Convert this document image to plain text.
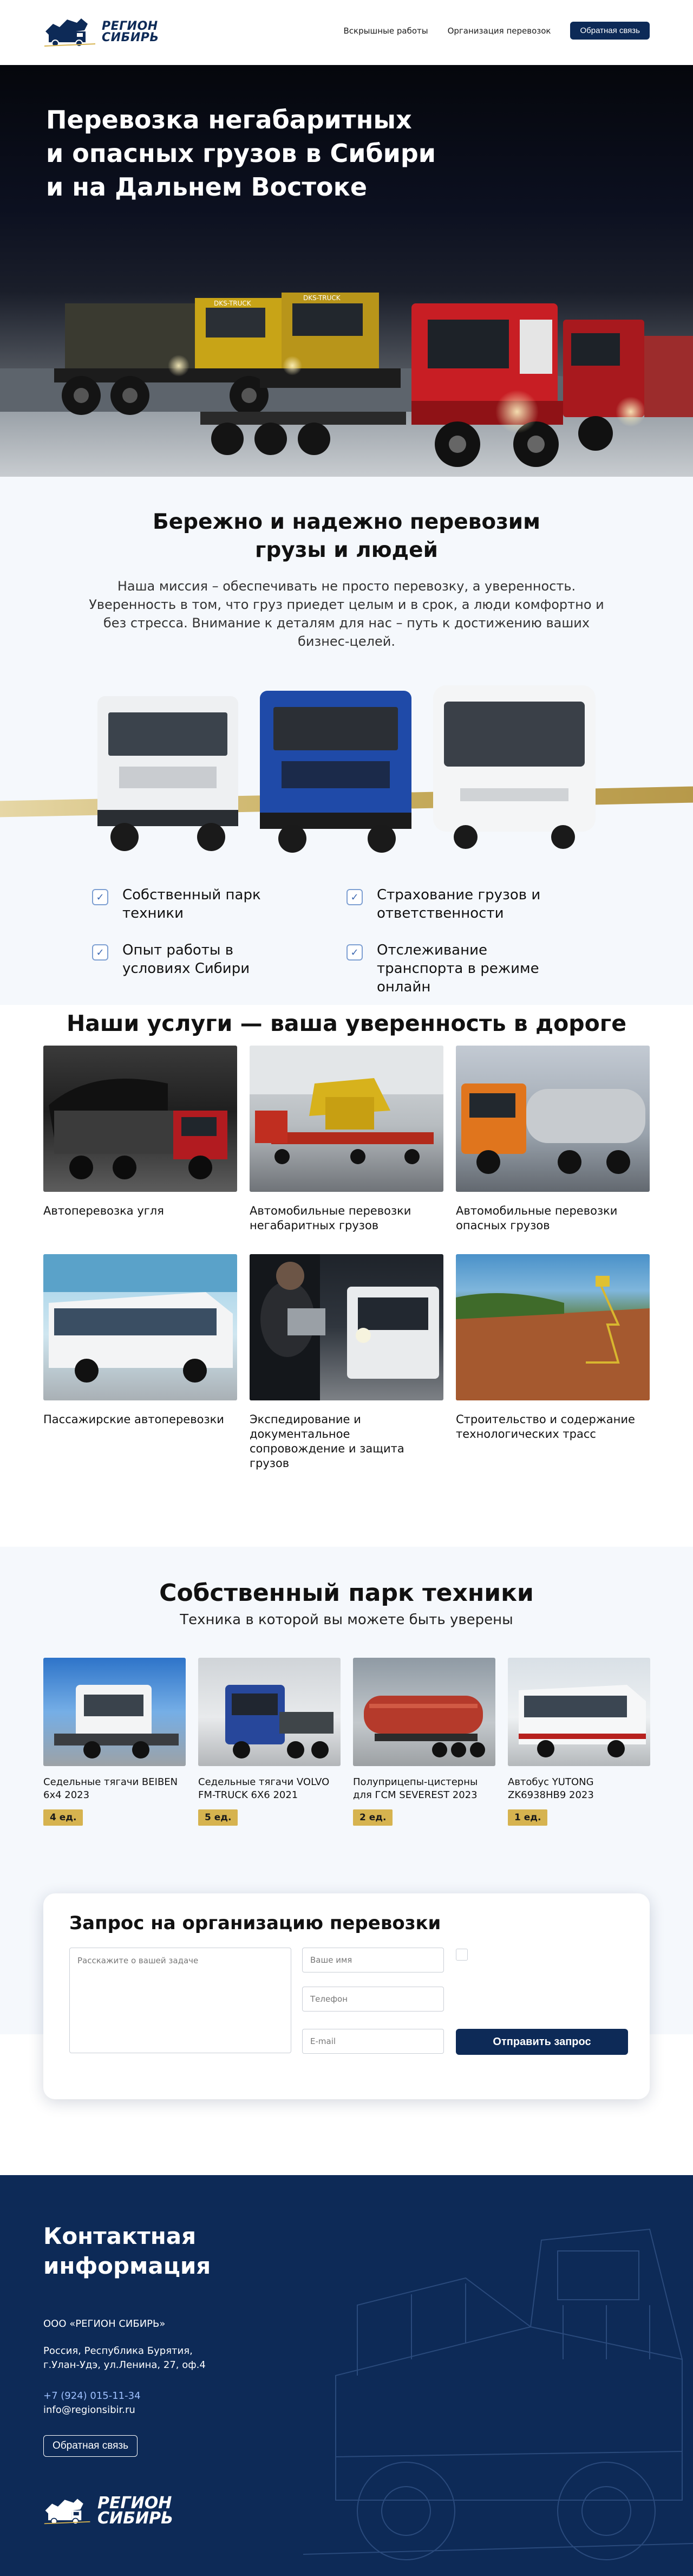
РЕГИОН
СИБИРЬ
Вскрышные работы Организация перевозок	Обратная связь
DKS-TRUCK
DKS-TRUCK
Перевозка негабаритных
и опасных грузов в Сибири
и на Дальнем Востоке
Бережно и надежно перевозим
грузы и людей

Наша миссия – обеспечивать не просто перевозку, а уверенность. Уверенность в том, что груз приедет целым и в срок, а люди комфортно и без стресса. Внимание к деталям для нас – путь к достижению ваших бизнес-целей.

✓ Собственный парк техники
✓ Страхование грузов и ответственности
✓ Опыт работы в условиях Сибири
✓ Отслеживание транспорта в режиме онлайн
Наши услуги — ваша уверенность в дороге
Автоперевозка угля	Автомобильные перевозки негабаритных грузов
Автомобильные перевозки опасных грузов
Пассажирские автоперевозки	Экспедирование и документальное сопровождение и защита грузов
Строительство и содержание технологических трасс
Собственный парк техники
Техника в которой вы можете быть уверены
Седельные тягачи BEIBEN 6x4 2023
4 ед.
Седельные тягачи VOLVO FM-TRUCK 6X6 2021
5 ед.
Полуприцепы-цистерны для ГСМ SEVEREST 2023
2 ед.
Автобус YUTONG ZK6938HB9 2023
1 ед.
Запрос на организацию перевозки
Расскажите о вашей задаче	Ваше имя
Телефон
E-mail	Отправить запрос
Контактная
информация
ООО «РЕГИОН СИБИРЬ»
Россия, Республика Бурятия,
г.Улан-Удэ, ул.Ленина, 27, оф.4
+7 (924) 015-11-34
info@regionsibir.ru
Обратная связь
РЕГИОН
СИБИРЬ
